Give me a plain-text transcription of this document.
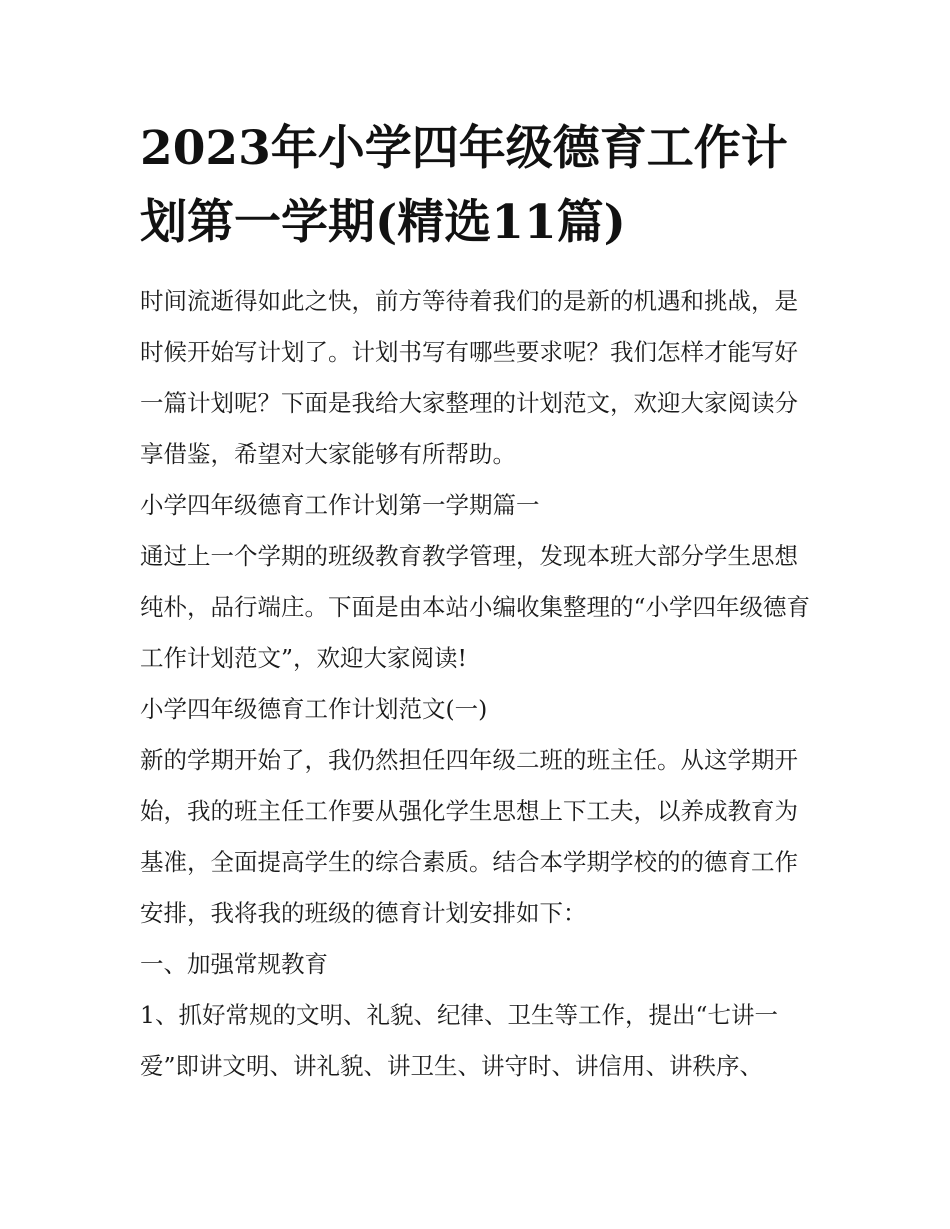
2023年小学四年级德育工作计划第一学期(精选11篇)

时间流逝得如此之快，前方等待着我们的是新的机遇和挑战，是时候开始写计划了。计划书写有哪些要求呢？我们怎样才能写好一篇计划呢？下面是我给大家整理的计划范文，欢迎大家阅读分享借鉴，希望对大家能够有所帮助。

小学四年级德育工作计划第一学期篇一

通过上一个学期的班级教育教学管理，发现本班大部分学生思想纯朴，品行端庄。下面是由本站小编收集整理的“小学四年级德育工作计划范文”，欢迎大家阅读!

小学四年级德育工作计划范文(一)

新的学期开始了，我仍然担任四年级二班的班主任。从这学期开始，我的班主任工作要从强化学生思想上下工夫，以养成教育为基准，全面提高学生的综合素质。结合本学期学校的的德育工作安排，我将我的班级的德育计划安排如下：

一、加强常规教育

1、抓好常规的文明、礼貌、纪律、卫生等工作，提出“七讲一爱”即讲文明、讲礼貌、讲卫生、讲守时、讲信用、讲秩序、
